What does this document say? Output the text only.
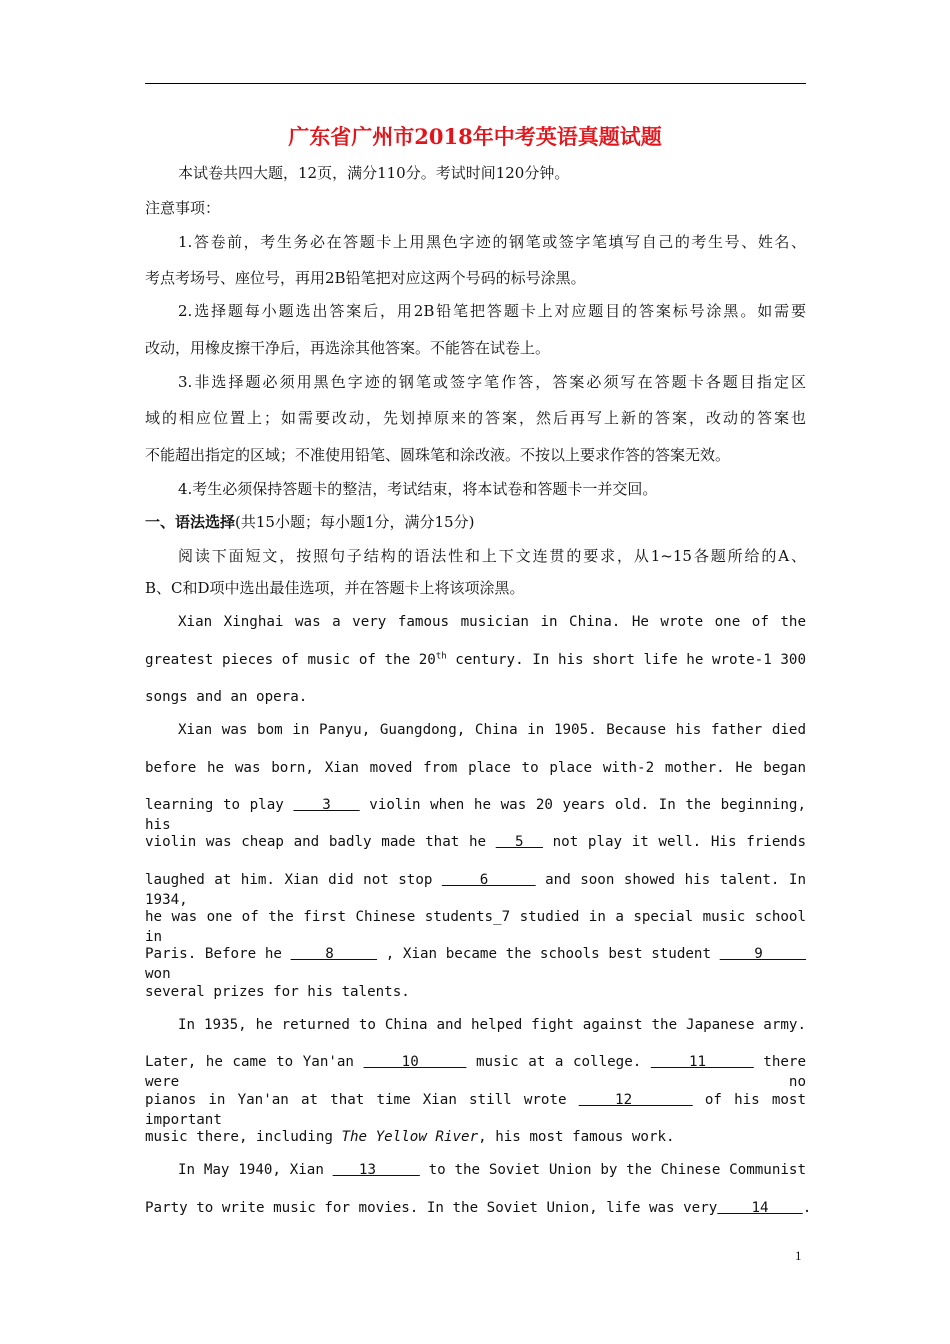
广东省广州市2018年中考英语真题试题
本试卷共四大题，12页，满分110分。考试时间120分钟。
注意事项：
1.答卷前，考生务必在答题卡上用黑色字迹的钢笔或签字笔填写自己的考生号、姓名、
考点考场号、座位号，再用2B铅笔把对应这两个号码的标号涂黑。
2.选择题每小题选出答案后，用2B铅笔把答题卡上对应题目的答案标号涂黑。如需要
改动，用橡皮擦干净后，再选涂其他答案。不能答在试卷上。
3.非选择题必须用黑色字迹的钢笔或签字笔作答，答案必须写在答题卡各题目指定区
域的相应位置上；如需要改动，先划掉原来的答案，然后再写上新的答案，改动的答案也
不能超出指定的区域；不准使用铅笔、圆珠笔和涂改液。不按以上要求作答的答案无效。
4.考生必须保持答题卡的整洁，考试结束，将本试卷和答题卡一并交回。
一、语法选择(共15小题；每小题1分，满分15分)
阅读下面短文，按照句子结构的语法性和上下文连贯的要求，从1~15各题所给的A、
B、C和D项中选出最佳选项，并在答题卡上将该项涂黑。
Xian Xinghai was a very famous musician in China. He wrote one of the
greatest pieces of music of the 20th century. In his short life he wrote-1 300
songs and an opera.
Xian was bom in Panyu, Guangdong, China in 1905. Because his father died
before he was born, Xian moved from place to place with-2 mother. He began
learning to play    3    violin when he was 20 years old. In the beginning, his
violin was cheap and badly made that he   5   not play it well. His friends
laughed at him. Xian did not stop     6      and soon showed his talent. In 1934,
he was one of the first Chinese students_7 studied in a special music school in
Paris. Before he     8      , Xian became the schools best student     9      won
several prizes for his talents.
In 1935, he returned to China and helped fight against the Japanese army.
Later, he came to Yan'an     10      music at a college.     11      there were no
pianos in Yan'an at that time Xian still wrote    12      of his most important
music there, including The Yellow River, his most famous work.
In May 1940, Xian    13      to the Soviet Union by the Chinese Communist
Party to write music for movies. In the Soviet Union, life was very    14    .
1
